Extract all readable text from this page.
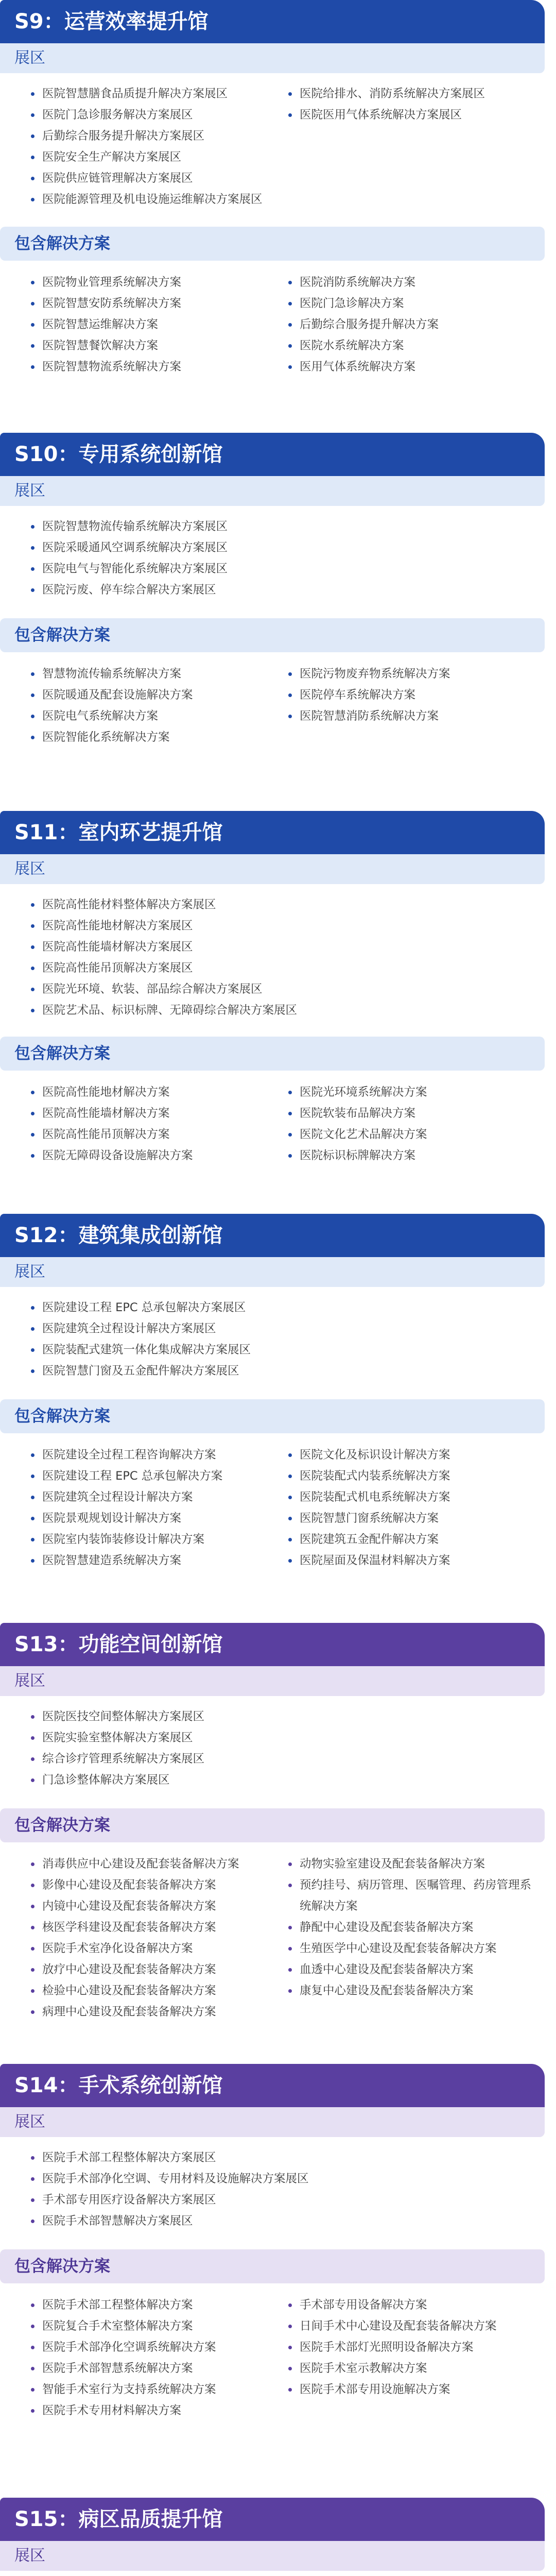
S9：运营效率提升馆
展区
医院智慧膳食品质提升解决方案展区
医院门急诊服务解决方案展区
后勤综合服务提升解决方案展区
医院安全生产解决方案展区
医院供应链管理解决方案展区
医院能源管理及机电设施运维解决方案展区
医院给排水、消防系统解决方案展区
医院医用气体系统解决方案展区
包含解决方案
医院物业管理系统解决方案
医院智慧安防系统解决方案
医院智慧运维解决方案
医院智慧餐饮解决方案
医院智慧物流系统解决方案
医院消防系统解决方案
医院门急诊解决方案
后勤综合服务提升解决方案
医院水系统解决方案
医用气体系统解决方案
S10：专用系统创新馆
展区
医院智慧物流传输系统解决方案展区
医院采暖通风空调系统解决方案展区
医院电气与智能化系统解决方案展区
医院污废、停车综合解决方案展区
包含解决方案
智慧物流传输系统解决方案
医院暖通及配套设施解决方案
医院电气系统解决方案
医院智能化系统解决方案
医院污物废弃物系统解决方案
医院停车系统解决方案
医院智慧消防系统解决方案
S11：室内环艺提升馆
展区
医院高性能材料整体解决方案展区
医院高性能地材解决方案展区
医院高性能墙材解决方案展区
医院高性能吊顶解决方案展区
医院光环境、软装、部品综合解决方案展区
医院艺术品、标识标牌、无障碍综合解决方案展区
包含解决方案
医院高性能地材解决方案
医院高性能墙材解决方案
医院高性能吊顶解决方案
医院无障碍设备设施解决方案
医院光环境系统解决方案
医院软装布品解决方案
医院文化艺术品解决方案
医院标识标牌解决方案
S12：建筑集成创新馆
展区
医院建设工程 EPC 总承包解决方案展区
医院建筑全过程设计解决方案展区
医院装配式建筑一体化集成解决方案展区
医院智慧门窗及五金配件解决方案展区
包含解决方案
医院建设全过程工程咨询解决方案
医院建设工程 EPC 总承包解决方案
医院建筑全过程设计解决方案
医院景观规划设计解决方案
医院室内装饰装修设计解决方案
医院智慧建造系统解决方案
医院文化及标识设计解决方案
医院装配式内装系统解决方案
医院装配式机电系统解决方案
医院智慧门窗系统解决方案
医院建筑五金配件解决方案
医院屋面及保温材料解决方案
S13：功能空间创新馆
展区
医院医技空间整体解决方案展区
医院实验室整体解决方案展区
综合诊疗管理系统解决方案展区
门急诊整体解决方案展区
包含解决方案
消毒供应中心建设及配套装备解决方案
影像中心建设及配套装备解决方案
内镜中心建设及配套装备解决方案
核医学科建设及配套装备解决方案
医院手术室净化设备解决方案
放疗中心建设及配套装备解决方案
检验中心建设及配套装备解决方案
病理中心建设及配套装备解决方案
动物实验室建设及配套装备解决方案
预约挂号、病历管理、医嘱管理、药房管理系统解决方案
静配中心建设及配套装备解决方案
生殖医学中心建设及配套装备解决方案
血透中心建设及配套装备解决方案
康复中心建设及配套装备解决方案
S14：手术系统创新馆
展区
医院手术部工程整体解决方案展区
医院手术部净化空调、专用材料及设施解决方案展区
手术部专用医疗设备解决方案展区
医院手术部智慧解决方案展区
包含解决方案
医院手术部工程整体解决方案
医院复合手术室整体解决方案
医院手术部净化空调系统解决方案
医院手术部智慧系统解决方案
智能手术室行为支持系统解决方案
医院手术专用材料解决方案
手术部专用设备解决方案
日间手术中心建设及配套装备解决方案
医院手术部灯光照明设备解决方案
医院手术室示教解决方案
医院手术部专用设施解决方案
S15：病区品质提升馆
展区
